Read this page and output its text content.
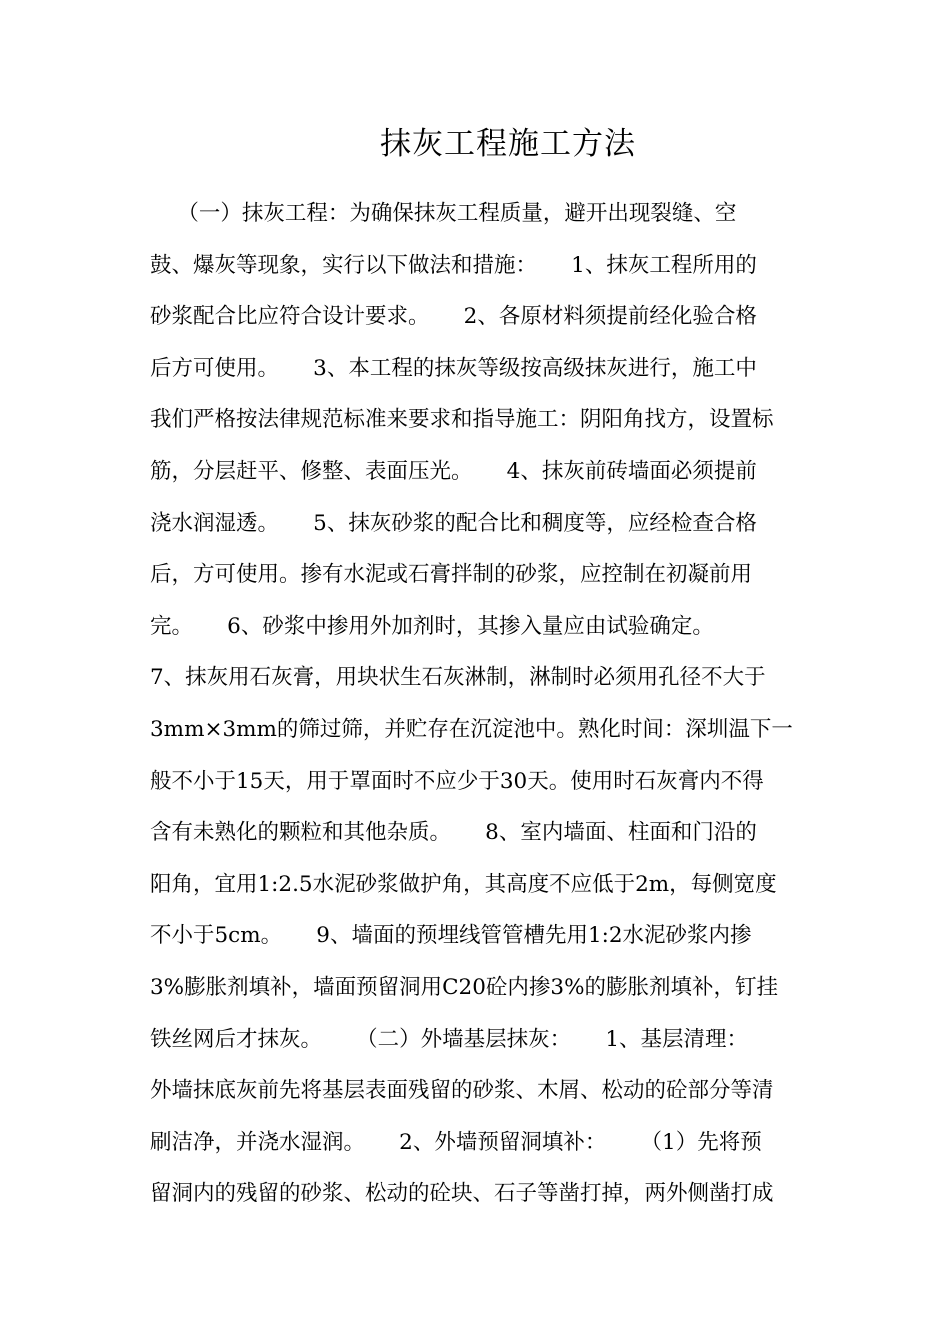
抹灰工程施工方法
（一）抹灰工程：为确保抹灰工程质量，避开出现裂缝、空
鼓、爆灰等现象，实行以下做法和措施：     1、抹灰工程所用的
砂浆配合比应符合设计要求。     2、各原材料须提前经化验合格
后方可使用。     3、本工程的抹灰等级按高级抹灰进行，施工中
我们严格按法律规范标准来要求和指导施工：阴阳角找方，设置标
筋，分层赶平、修整、表面压光。     4、抹灰前砖墙面必须提前
浇水润湿透。     5、抹灰砂浆的配合比和稠度等，应经检查合格
后，方可使用。掺有水泥或石膏拌制的砂浆，应控制在初凝前用
完。     6、砂浆中掺用外加剂时，其掺入量应由试验确定。
7、抹灰用石灰膏，用块状生石灰淋制，淋制时必须用孔径不大于
3mm×3mm的筛过筛，并贮存在沉淀池中。熟化时间：深圳温下一
般不小于15天，用于罩面时不应少于30天。使用时石灰膏内不得
含有未熟化的颗粒和其他杂质。     8、室内墙面、柱面和门沿的
阳角，宜用1:2.5水泥砂浆做护角，其高度不应低于2m，每侧宽度
不小于5cm。     9、墙面的预埋线管管槽先用1:2水泥砂浆内掺
3%膨胀剂填补，墙面预留洞用C20砼内掺3%的膨胀剂填补，钉挂
铁丝网后才抹灰。     （二）外墙基层抹灰：     1、基层清理：
外墙抹底灰前先将基层表面残留的砂浆、木屑、松动的砼部分等清
刷洁净，并浇水湿润。     2、外墙预留洞填补：     （1）先将预
留洞内的残留的砂浆、松动的砼块、石子等凿打掉，两外侧凿打成
